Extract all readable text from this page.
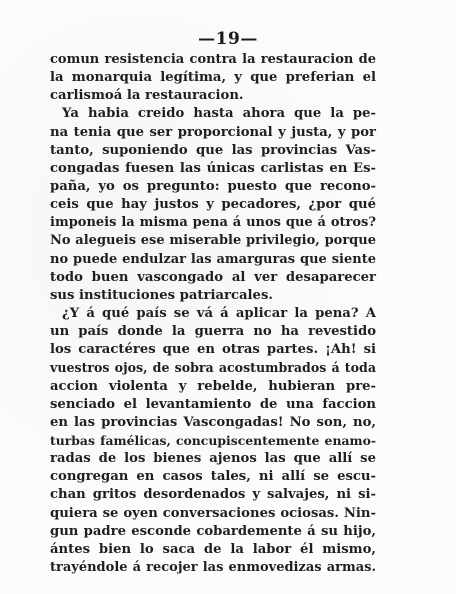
—19—
comun resistencia contra la restauracion de
la monarquia legítima, y que preferian el
carlismoá la restauracion.
Ya habia creido hasta ahora que la pe-
na tenia que ser proporcional y justa, y por
tanto, suponiendo que las provincias Vas-
congadas fuesen las únicas carlistas en Es-
paña, yo os pregunto: puesto que recono-
ceis que hay justos y pecadores, ¿por qué
imponeis la misma pena á unos que á otros?
No alegueis ese miserable privilegio, porque
no puede endulzar las amarguras que siente
todo buen vascongado al ver desaparecer
sus instituciones patriarcales.
¿Y á qué país se vá á aplicar la pena? A
un país donde la guerra no ha revestido
los caractéres que en otras partes. ¡Ah! si
vuestros ojos, de sobra acostumbrados á toda
accion violenta y rebelde, hubieran pre-
senciado el levantamiento de una faccion
en las provincias Vascongadas! No son, no,
turbas famélicas, concupiscentemente enamo-
radas de los bienes ajenos las que allí se
congregan en casos tales, ni allí se escu-
chan gritos desordenados y salvajes, ni si-
quiera se oyen conversaciones ociosas. Nin-
gun padre esconde cobardemente á su hijo,
ántes bien lo saca de la labor él mismo,
trayéndole á recojer las enmovedizas armas.
